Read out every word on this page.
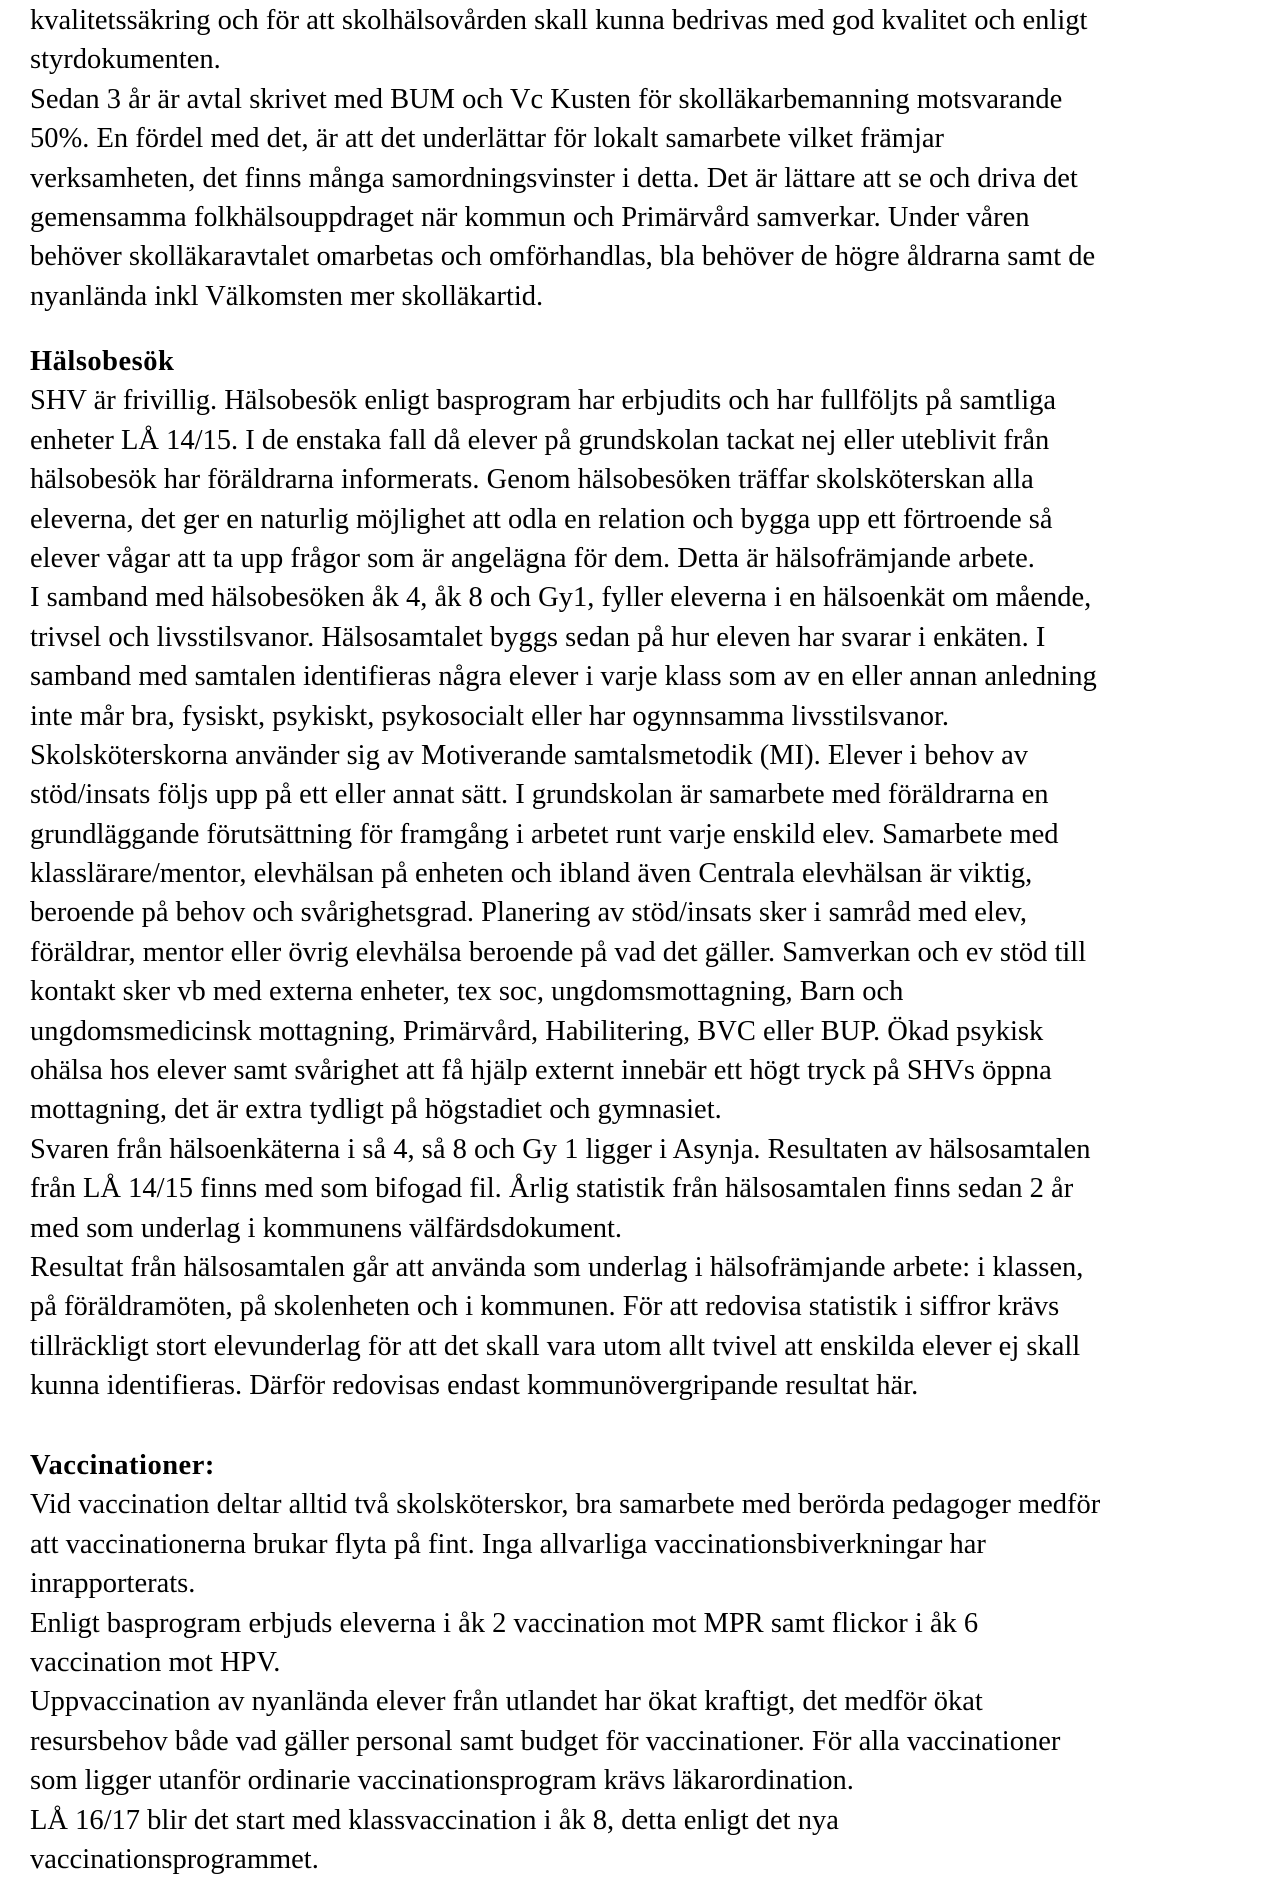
kvalitetssäkring och för att skolhälsovården skall kunna bedrivas med god kvalitet och enligt
styrdokumenten.
Sedan 3 år är avtal skrivet med BUM och Vc Kusten för skolläkarbemanning motsvarande
50%. En fördel med det, är att det underlättar för lokalt samarbete vilket främjar
verksamheten, det finns många samordningsvinster i detta. Det är lättare att se och driva det
gemensamma folkhälsouppdraget när kommun och Primärvård samverkar. Under våren
behöver skolläkaravtalet omarbetas och omförhandlas, bla behöver de högre åldrarna samt de
nyanlända inkl Välkomsten mer skolläkartid.
Hälsobesök
SHV är frivillig. Hälsobesök enligt basprogram har erbjudits och har fullföljts på samtliga
enheter LÅ 14/15. I de enstaka fall då elever på grundskolan tackat nej eller uteblivit från
hälsobesök har föräldrarna informerats. Genom hälsobesöken träffar skolsköterskan alla
eleverna, det ger en naturlig möjlighet att odla en relation och bygga upp ett förtroende så
elever vågar att ta upp frågor som är angelägna för dem. Detta är hälsofrämjande arbete.
I samband med hälsobesöken åk 4, åk 8 och Gy1, fyller eleverna i en hälsoenkät om mående,
trivsel och livsstilsvanor. Hälsosamtalet byggs sedan på hur eleven har svarar i enkäten. I
samband med samtalen identifieras några elever i varje klass som av en eller annan anledning
inte mår bra, fysiskt, psykiskt, psykosocialt eller har ogynnsamma livsstilsvanor.
Skolsköterskorna använder sig av Motiverande samtalsmetodik (MI). Elever i behov av
stöd/insats följs upp på ett eller annat sätt. I grundskolan är samarbete med föräldrarna en
grundläggande förutsättning för framgång i arbetet runt varje enskild elev. Samarbete med
klasslärare/mentor, elevhälsan på enheten och ibland även Centrala elevhälsan är viktig,
beroende på behov och svårighetsgrad. Planering av stöd/insats sker i samråd med elev,
föräldrar, mentor eller övrig elevhälsa beroende på vad det gäller. Samverkan och ev stöd till
kontakt sker vb med externa enheter, tex soc, ungdomsmottagning, Barn och
ungdomsmedicinsk mottagning, Primärvård, Habilitering, BVC eller BUP. Ökad psykisk
ohälsa hos elever samt svårighet att få hjälp externt innebär ett högt tryck på SHVs öppna
mottagning, det är extra tydligt på högstadiet och gymnasiet.
Svaren från hälsoenkäterna i så 4, så 8 och Gy 1 ligger i Asynja. Resultaten av hälsosamtalen
från LÅ 14/15 finns med som bifogad fil. Årlig statistik från hälsosamtalen finns sedan 2 år
med som underlag i kommunens välfärdsdokument.
Resultat från hälsosamtalen går att använda som underlag i hälsofrämjande arbete: i klassen,
på föräldramöten, på skolenheten och i kommunen. För att redovisa statistik i siffror krävs
tillräckligt stort elevunderlag för att det skall vara utom allt tvivel att enskilda elever ej skall
kunna identifieras. Därför redovisas endast kommunövergripande resultat här.
Vaccinationer:
Vid vaccination deltar alltid två skolsköterskor, bra samarbete med berörda pedagoger medför
att vaccinationerna brukar flyta på fint. Inga allvarliga vaccinationsbiverkningar har
inrapporterats.
Enligt basprogram erbjuds eleverna i åk 2 vaccination mot MPR samt flickor i åk 6
vaccination mot HPV.
Uppvaccination av nyanlända elever från utlandet har ökat kraftigt, det medför ökat
resursbehov både vad gäller personal samt budget för vaccinationer. För alla vaccinationer
som ligger utanför ordinarie vaccinationsprogram krävs läkarordination.
LÅ 16/17 blir det start med klassvaccination i åk 8, detta enligt det nya
vaccinationsprogrammet.
